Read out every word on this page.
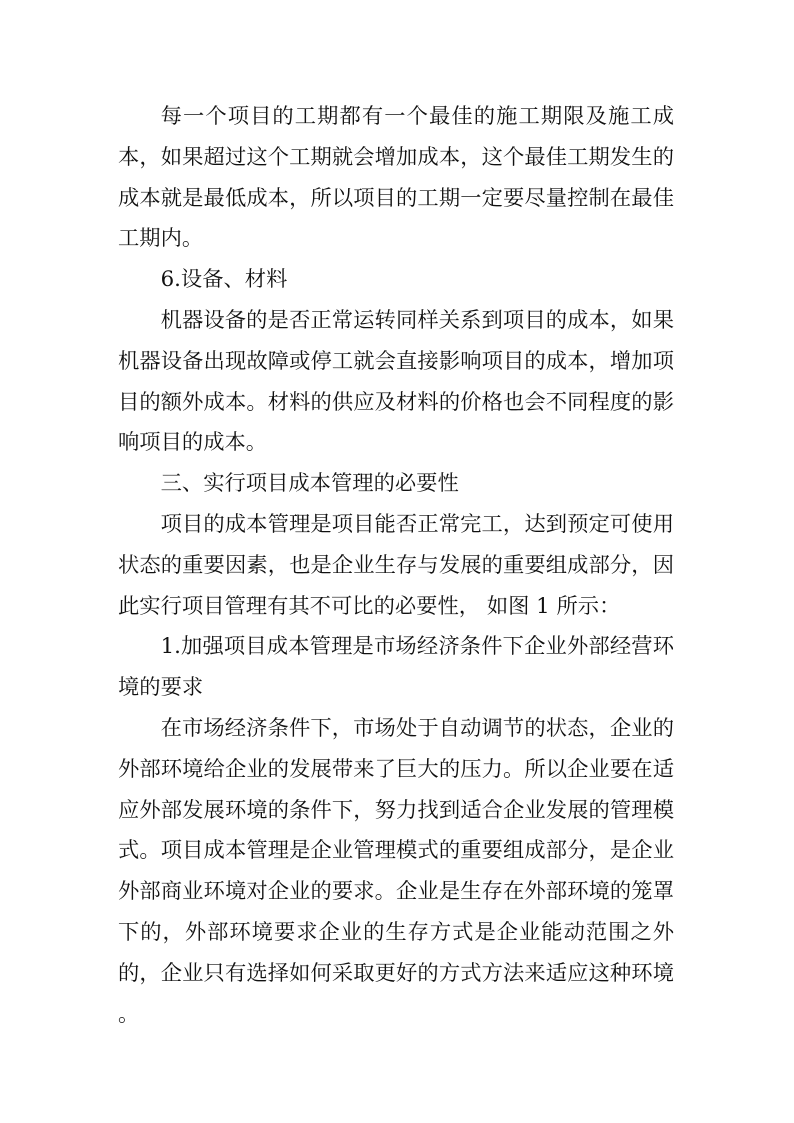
每一个项目的工期都有一个最佳的施工期限及施工成本，如果超过这个工期就会增加成本，这个最佳工期发生的成本就是最低成本，所以项目的工期一定要尽量控制在最佳工期内。

6.设备、材料

机器设备的是否正常运转同样关系到项目的成本，如果机器设备出现故障或停工就会直接影响项目的成本，增加项目的额外成本。材料的供应及材料的价格也会不同程度的影响项目的成本。

三、实行项目成本管理的必要性

项目的成本管理是项目能否正常完工，达到预定可使用状态的重要因素，也是企业生存与发展的重要组成部分，因此实行项目管理有其不可比的必要性， 如图 1 所示：

1.加强项目成本管理是市场经济条件下企业外部经营环境的要求

在市场经济条件下，市场处于自动调节的状态，企业的外部环境给企业的发展带来了巨大的压力。所以企业要在适应外部发展环境的条件下，努力找到适合企业发展的管理模式。项目成本管理是企业管理模式的重要组成部分，是企业外部商业环境对企业的要求。企业是生存在外部环境的笼罩下的，外部环境要求企业的生存方式是企业能动范围之外的，企业只有选择如何采取更好的方式方法来适应这种环境 。
